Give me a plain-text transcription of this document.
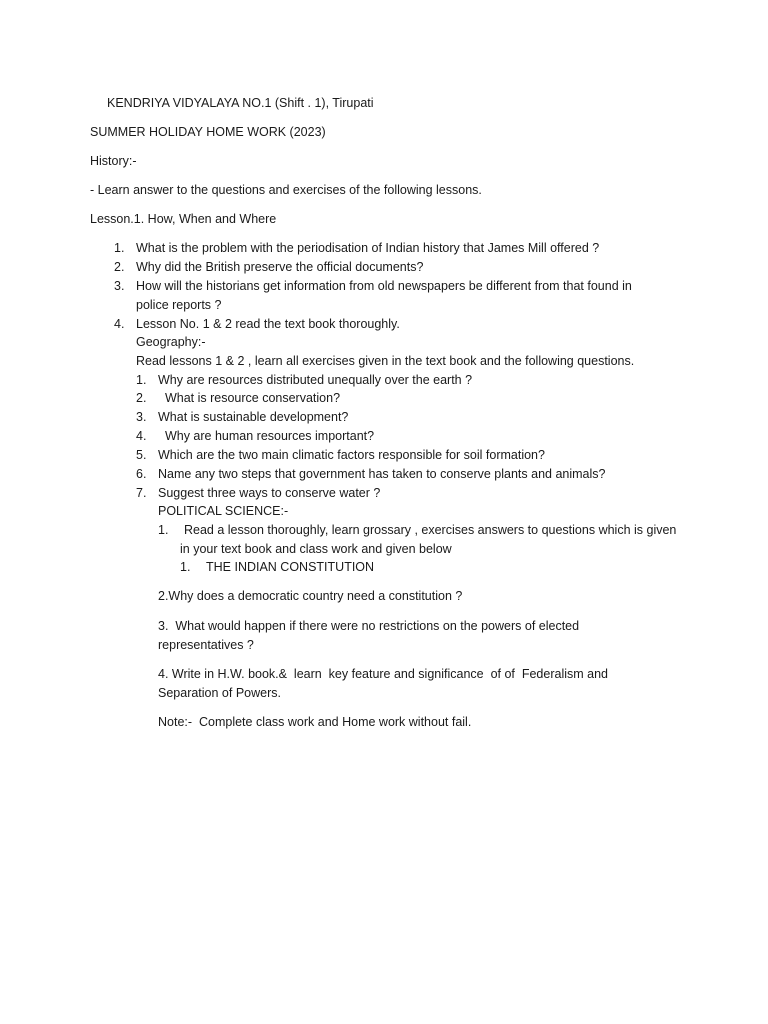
KENDRIYA VIDYALAYA NO.1 (Shift . 1), Tirupati
SUMMER HOLIDAY HOME WORK (2023)
History:-
- Learn answer to the questions and exercises of the following lessons.
Lesson.1. How, When and Where
1. What is the problem with the periodisation of Indian history that James Mill offered ?
2. Why did the British preserve the official documents?
3. How will the historians get information from old newspapers be different from that found in
police reports ?
4. Lesson No. 1 & 2 read the text book thoroughly.
Geography:-
Read lessons 1 & 2 , learn all exercises given in the text book and the following questions.
1. Why are resources distributed unequally over the earth ?
2. What is resource conservation?
3. What is sustainable development?
4. Why are human resources important?
5. Which are the two main climatic factors responsible for soil formation?
6. Name any two steps that government has taken to conserve plants and animals?
7. Suggest three ways to conserve water ?
POLITICAL SCIENCE:-
1. Read a lesson thoroughly, learn grossary , exercises answers to questions which is given
in your text book and class work and given below
1. THE INDIAN CONSTITUTION
2.Why does a democratic country need a constitution ?
3.  What would happen if there were no restrictions on the powers of elected
representatives ?
4. Write in H.W. book.&  learn  key feature and significance  of of  Federalism and
Separation of Powers.
Note:-  Complete class work and Home work without fail.
